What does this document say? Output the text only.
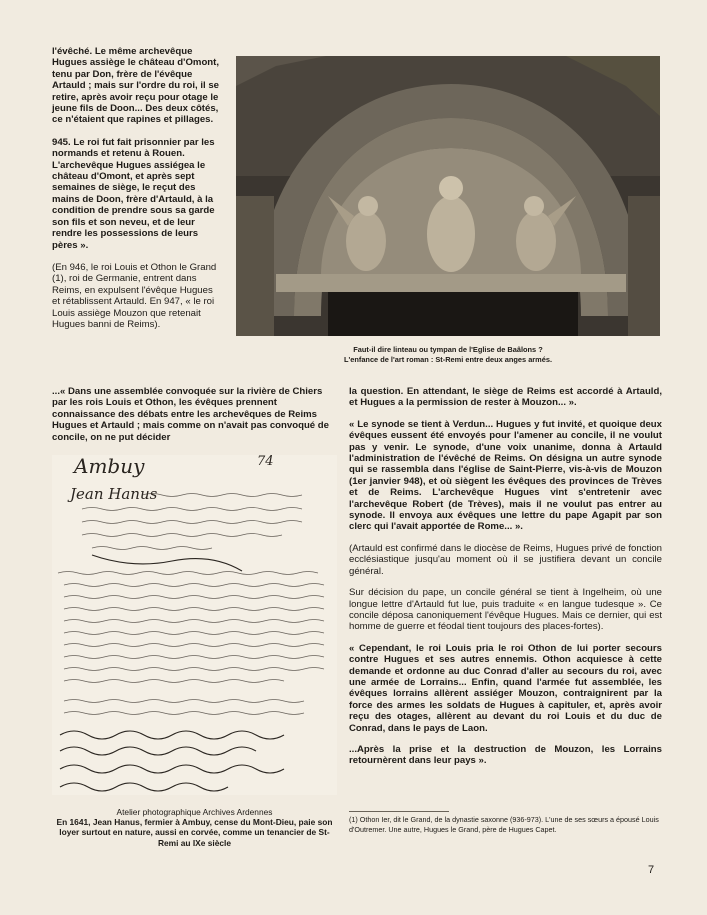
l'évêché. Le même archevêque Hugues assiège le château d'Omont, tenu par Don, frère de l'évêque Artauld ; mais sur l'ordre du roi, il se retire, après avoir reçu pour otage le jeune fils de Doon... Des deux côtés, ce n'étaient que rapines et pillages.

945. Le roi fut fait prisonnier par les normands et retenu à Rouen. L'archevêque Hugues assiégea le château d'Omont, et après sept semaines de siège, le reçut des mains de Doon, frère d'Artauld, à la condition de prendre sous sa garde son fils et son neveu, et de leur rendre les possessions de leurs pères ».

(En 946, le roi Louis et Othon le Grand (1), roi de Germanie, entrent dans Reims, en expulsent l'évêque Hugues et rétablissent Artauld. En 947, « le roi Louis assiège Mouzon que retenait Hugues banni de Reims).

Faut-il dire linteau ou tympan de l'Eglise de Baâlons ?
L'enfance de l'art roman : St-Remi entre deux anges armés.

...« Dans une assemblée convoquée sur la rivière de Chiers par les rois Louis et Othon, les évêques prennent connaissance des débats entre les archevêques de Reims Hugues et Artauld ; mais comme on n'avait pas convoqué de concile, on ne put décider

la question. En attendant, le siège de Reims est accordé à Artauld, et Hugues a la permission de rester à Mouzon... ».

« Le synode se tient à Verdun... Hugues y fut invité, et quoique deux évêques eussent été envoyés pour l'amener au concile, il ne voulut pas y venir. Le synode, d'une voix unanime, donna à Artauld l'administration de l'évêché de Reims. On désigna un autre synode qui se rassembla dans l'église de Saint-Pierre, vis-à-vis de Mouzon (1er janvier 948), et où siègent les évêques des provinces de Trèves et de Reims. L'archevêque Hugues vint s'entretenir avec l'archevêque Robert (de Trèves), mais il ne voulut pas entrer au synode. Il envoya aux évêques une lettre du pape Agapit par son clerc qui l'avait apportée de Rome... ».

(Artauld est confirmé dans le diocèse de Reims, Hugues privé de fonction ecclésiastique jusqu'au moment où il se justifiera devant un concile général.

Sur décision du pape, un concile général se tient à Ingelheim, où une longue lettre d'Artauld fut lue, puis traduite « en langue tudesque ». Ce concile déposa canoniquement l'évêque Hugues. Mais ce dernier, qui est homme de guerre et féodal tient toujours des places-fortes).

« Cependant, le roi Louis pria le roi Othon de lui porter secours contre Hugues et ses autres ennemis. Othon acquiesce à cette demande et ordonne au duc Conrad d'aller au secours du roi, avec une armée de Lorrains... Enfin, quand l'armée fut assemblée, les évêques lorrains allèrent assiéger Mouzon, contraignirent par la force des armes les soldats de Hugues à capituler, et, après avoir reçu des otages, allèrent au devant du roi Louis et du duc de Conrad, dans le pays de Laon.

...Après la prise et la destruction de Mouzon, les Lorrains retournèrent dans leur pays ».

Ambuy	74
Jean Hanus
Atelier photographique Archives Ardennes
En 1641, Jean Hanus, fermier à Ambuy, cense du Mont-Dieu, paie son loyer surtout en nature, aussi en corvée, comme un tenancier de St-Remi au IXe siècle
(1) Othon Ier, dit le Grand, de la dynastie saxonne (936-973). L'une de ses sœurs a épousé Louis d'Outremer. Une autre, Hugues le Grand, père de Hugues Capet.
7
